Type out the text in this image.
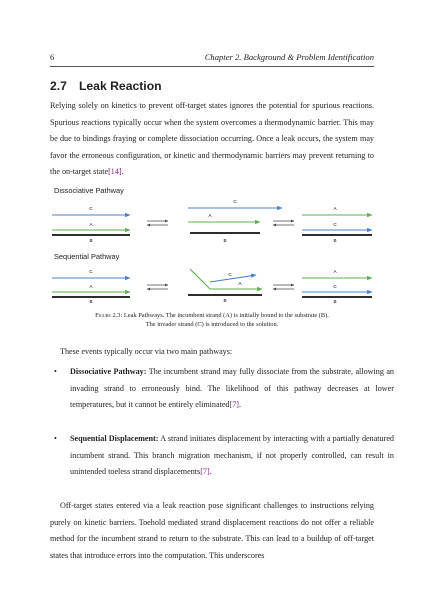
6	Chapter 2. Background & Problem Identification
2.7 Leak Reaction

Relying solely on kinetics to prevent off-target states ignores the potential for spurious reactions. Spurious reactions typically occur when the system overcomes a thermodynamic barrier. This may be due to bindings fraying or complete dissociation occurring. Once a leak occurs, the system may favor the erroneous configuration, or kinetic and thermodynamic barriers may prevent returning to the on-target state[14].

Dissociative Pathway
Sequential Pathway
C
A
B
C
A
B
A
C
B
C
A
B
C
A
B
A
C
B
Figure 2.3: Leak Pathways. The incumbent strand (A) is initially bound to the substrate (B). The invader strand (C) is introduced to the solution.

These events typically occur via two main pathways:

• Dissociative Pathway: The incumbent strand may fully dissociate from the substrate, allowing an invading strand to erroneously bind. The likelihood of this pathway decreases at lower temperatures, but it cannot be entirely eliminated[7].
• Sequential Displacement: A strand initiates displacement by interacting with a partially denatured incumbent strand. This branch migration mechanism, if not properly controlled, can result in unintended toeless strand displacements[7].

Off-target states entered via a leak reaction pose significant challenges to instructions relying purely on kinetic barriers. Toehold mediated strand displacement reactions do not offer a reliable method for the incumbent strand to return to the substrate. This can lead to a buildup of off-target states that introduce errors into the computation. This underscores
